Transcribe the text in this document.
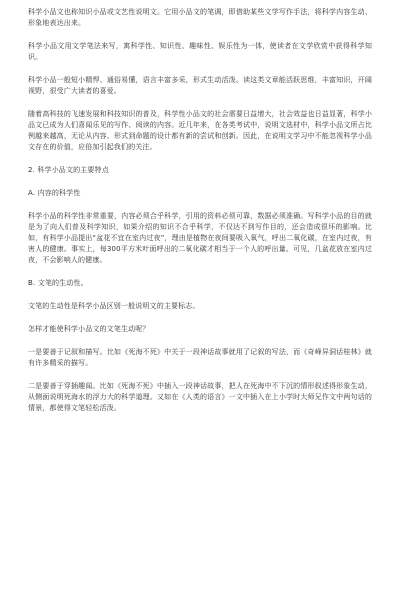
科学小品文也称知识小品或文艺性说明文。它用小品文的笔调，即借助某些文学写作手法，将科学内容生动、形象地表达出来。

科学小品文用文学笔法来写，寓科学性、知识性、趣味性、娱乐性为一体，使读者在文学欣赏中获得科学知识。

科学小品一般短小精悍、通俗易懂，语言丰富多采，形式生动活泼。读这类文章能活跃思维，丰富知识，开阔视野，很受广大读者的喜爱。

随着高科技的飞速发展和科技知识的普及，科学性小品文的社会需要日益增大，社会效益也日益显著，科学小品文已成为人们喜闻乐见的写作、阅读的内容。近几年来，在各类考试中，说明文选材中，科学小品文所占比例越来越高，无论从内容、形式到命题的设计都有新的尝试和创新。因此，在说明文学习中不能忽视科学小品文存在的价值，应倍加引起我们的关注。

2. 科学小品文的主要特点

A. 内容的科学性

科学小品的科学性非常重要，内容必须合乎科学，引用的资料必须可靠，数据必须准确。写科学小品的目的就是为了向人们普及科学知识，如果介绍的知识不合乎科学，不仅达不到写作目的，还会造成很坏的影响。比如，有科学小品提出“盆花不宜在室内过夜”，理由是植物在夜间要吸入氧气，呼出二氧化碳，在室内过夜，有害人的健康。事实上，每300平方米叶面呼出的二氧化碳才相当于一个人的呼出量。可见，几盆花放在室内过夜，不会影响人的健康。

B. 文笔的生动性。

文笔的生动性是科学小品区别一般说明文的主要标志。

怎样才能使科学小品文的文笔生动呢？

一是要善于记叙和描写。比如《死海不死》中关于一段神话故事就用了记叙的写法，而《奇峰异洞话桂林》就有许多精采的描写。

二是要善于穿插趣闻。比如《死海不死》中插入一段神话故事，把人在死海中不下沉的情形叙述得形象生动，从侧面说明死海水的浮力大的科学道理。又如在《人类的语言》一文中插入在上小学时大师兄作文中两句话的情景，都使得文笔轻松活泼。
